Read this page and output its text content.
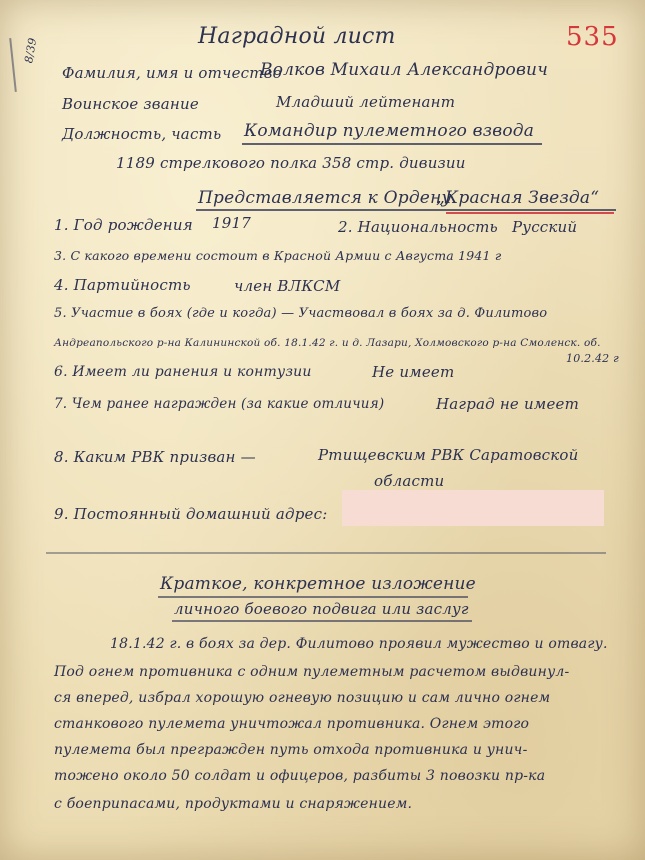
8/39	535
Наградной лист
Фамилия, имя и отчество
Волков Михаил Александрович
Воинское звание	Младший лейтенант
Должность, часть Командир пулеметного взвода
1189 стрелкового полка 358 стр. дивизии
Представляется к Ордену
„Красная Звезда“
1. Год рождения 1917	2. Национальность Русский
3. С какого времени состоит в Красной Армии с Августа 1941 г
4. Партийность	член ВЛКСМ
5. Участие в боях (где и когда) — Участвовал в боях за д. Филитово
Андреапольского р-на Калининской об. 18.1.42 г. и д. Лазари, Холмовского р-на Смоленск. об.
10.2.42 г
6. Имеет ли ранения и контузии	Не имеет
7. Чем ранее награжден (за какие отличия)	Наград не имеет
8. Каким РВК призван —	Ртищевским РВК Саратовской
области
9. Постоянный домашний адрес:
Краткое, конкретное изложение
личного боевого подвига или заслуг
18.1.42 г. в боях за дер. Филитово проявил мужество и отвагу.
Под огнем противника с одним пулеметным расчетом выдвинул-
ся вперед, избрал хорошую огневую позицию и сам лично огнем
станкового пулемета уничтожал противника. Огнем этого
пулемета был прегражден путь отхода противника и унич-
тожено около 50 солдат и офицеров, разбиты 3 повозки пр-ка
с боеприпасами, продуктами и снаряжением.
